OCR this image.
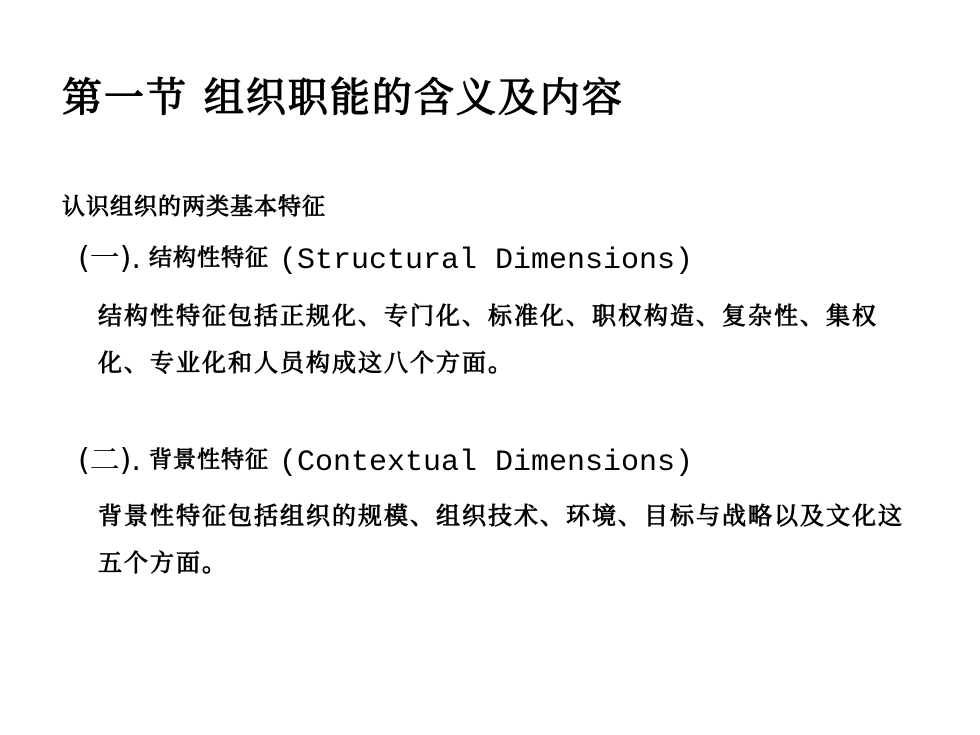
第一节 组织职能的含义及内容
认识组织的两类基本特征
(一). 结构性特征 (Structural Dimensions)
结构性特征包括正规化、专门化、标准化、职权构造、复杂性、集权化、专业化和人员构成这八个方面。
(二). 背景性特征 (Contextual Dimensions)
背景性特征包括组织的规模、组织技术、环境、目标与战略以及文化这五个方面。
